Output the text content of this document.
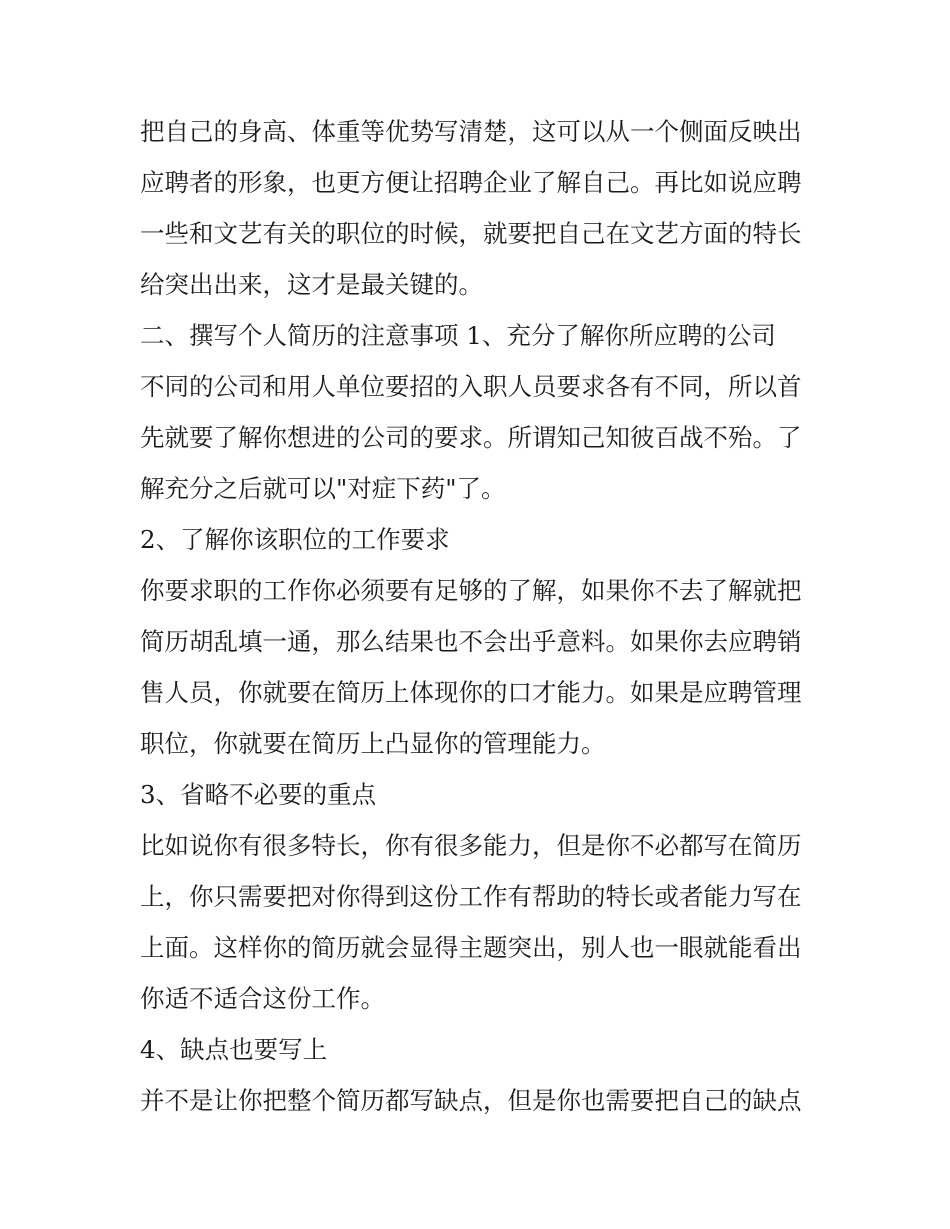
把自己的身高、体重等优势写清楚，这可以从一个侧面反映出
应聘者的形象，也更方便让招聘企业了解自己。再比如说应聘
一些和文艺有关的职位的时候，就要把自己在文艺方面的特长
给突出出来，这才是最关键的。
二、撰写个人简历的注意事项 1、充分了解你所应聘的公司
不同的公司和用人单位要招的入职人员要求各有不同，所以首
先就要了解你想进的公司的要求。所谓知己知彼百战不殆。了
解充分之后就可以"对症下药"了。
2、了解你该职位的工作要求
你要求职的工作你必须要有足够的了解，如果你不去了解就把
简历胡乱填一通，那么结果也不会出乎意料。如果你去应聘销
售人员，你就要在简历上体现你的口才能力。如果是应聘管理
职位，你就要在简历上凸显你的管理能力。
3、省略不必要的重点
比如说你有很多特长，你有很多能力，但是你不必都写在简历
上，你只需要把对你得到这份工作有帮助的特长或者能力写在
上面。这样你的简历就会显得主题突出，别人也一眼就能看出
你适不适合这份工作。
4、缺点也要写上
并不是让你把整个简历都写缺点，但是你也需要把自己的缺点
